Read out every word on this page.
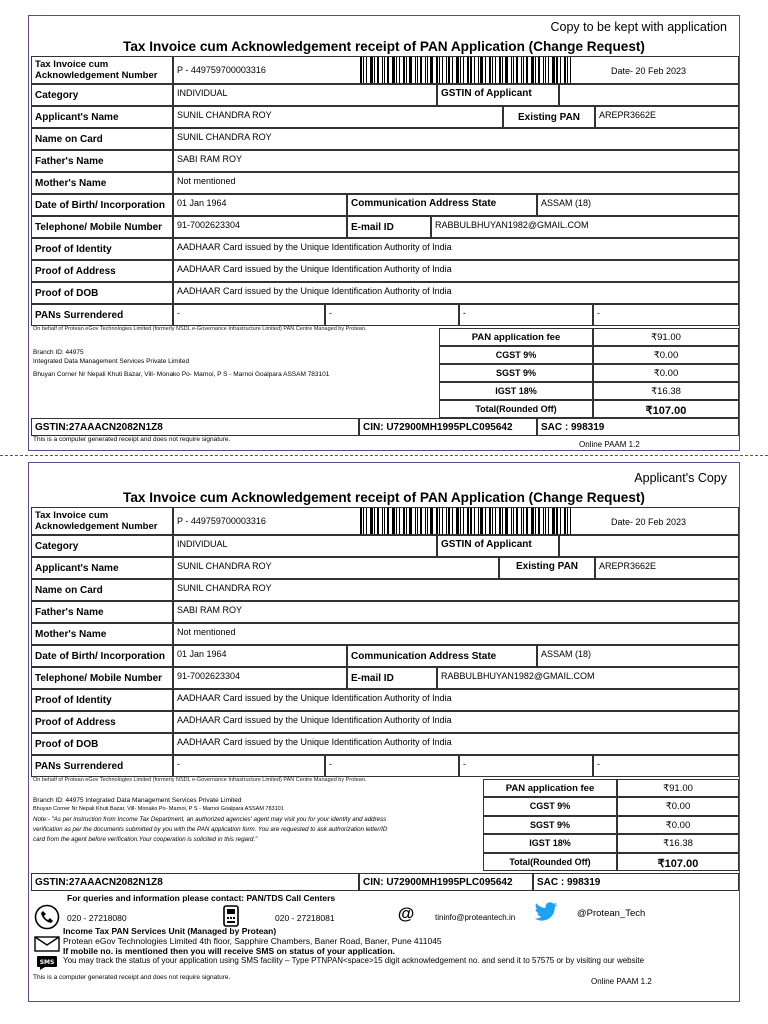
Copy to be kept with application
Tax Invoice cum Acknowledgement receipt of PAN Application (Change Request)
Tax Invoice cum
Acknowledgement Number	P - 449759700003316	Date- 20 Feb 2023
Category	INDIVIDUAL	GSTIN of Applicant
Applicant's Name	SUNIL CHANDRA ROY	Existing PAN	AREPR3662E
Name on Card	SUNIL CHANDRA ROY
Father's Name	SABI RAM ROY
Mother's Name	Not mentioned
Date of Birth/ Incorporation	01 Jan 1964	Communication Address State	ASSAM (18)
Telephone/ Mobile Number	91-7002623304	E-mail ID	RABBULBHUYAN1982@GMAIL.COM
Proof of Identity	AADHAAR Card issued by the Unique Identification Authority of India
Proof of Address	AADHAAR Card issued by the Unique Identification Authority of India
Proof of DOB	AADHAAR Card issued by the Unique Identification Authority of India
PANs Surrendered	-	-	-	-
On behalf of Protean eGov Technologies Limited (formerly NSDL e-Governance Infrastructure Limited) PAN Centre Managed by Protean.
Branch ID: 44975
Integrated Data Management Services Private Limited
Bhuyan Corner Nr Nepali Khuti Bazar, Vill- Monako Po- Marnoi, P S - Marnoi Goalpara ASSAM 783101
PAN application fee	₹91.00
CGST 9%	₹0.00
SGST 9%	₹0.00
IGST 18%	₹16.38
Total(Rounded Off)	₹107.00
GSTIN:27AAACN2082N1Z8	CIN: U72900MH1995PLC095642	SAC : 998319
This is a computer generated receipt and does not require signature.
Online PAAM 1.2
Applicant's Copy
Tax Invoice cum Acknowledgement receipt of PAN Application (Change Request)
Tax Invoice cum
Acknowledgement Number	P - 449759700003316	Date- 20 Feb 2023
Category	INDIVIDUAL	GSTIN of Applicant
Applicant's Name	SUNIL CHANDRA ROY	Existing PAN	AREPR3662E
Name on Card	SUNIL CHANDRA ROY
Father's Name	SABI RAM ROY
Mother's Name	Not mentioned
Date of Birth/ Incorporation	01 Jan 1964	Communication Address State	ASSAM (18)
Telephone/ Mobile Number	91-7002623304	E-mail ID	RABBULBHUYAN1982@GMAIL.COM
Proof of Identity	AADHAAR Card issued by the Unique Identification Authority of India
Proof of Address	AADHAAR Card issued by the Unique Identification Authority of India
Proof of DOB	AADHAAR Card issued by the Unique Identification Authority of India
PANs Surrendered	-	-	-	-
On behalf of Protean eGov Technologies Limited (formerly NSDL e-Governance Infrastructure Limited) PAN Centre Managed by Protean.
Branch ID: 44975 Integrated Data Management Services Private Limited
Bhuyan Corner Nr Nepali Khuti Bazar, Vill- Monako Po- Marnoi, P S - Marnoi Goalpara ASSAM 783101
Note:- "As per instruction from Income Tax Department, an authorized agencies' agent may visit you for your identity and address
verification as per the documents submitted by you with the PAN application form. You are requested to ask authorization letter/ID
card from the agent before verification.Your cooperation is solicited in this regard."
PAN application fee	₹91.00
CGST 9%	₹0.00
SGST 9%	₹0.00
IGST 18%	₹16.38
Total(Rounded Off)	₹107.00
GSTIN:27AAACN2082N1Z8	CIN: U72900MH1995PLC095642	SAC : 998319
For queries and information please contact: PAN/TDS Call Centers
020 - 27218080	020 - 27218081	@	tininfo@proteantech.in	@Protean_Tech
Income Tax PAN Services Unit (Managed by Protean)
Protean eGov Technologies Limited 4th floor, Sapphire Chambers, Baner Road, Baner, Pune 411045
SMS
If mobile no. is mentioned then you will receive SMS on status of your application.
You may track the status of your application using SMS facility – Type PTNPAN<space>15 digit acknowledgement no. and send it to 57575 or by visiting our website
This is a computer generated receipt and does not require signature.	Online PAAM 1.2
